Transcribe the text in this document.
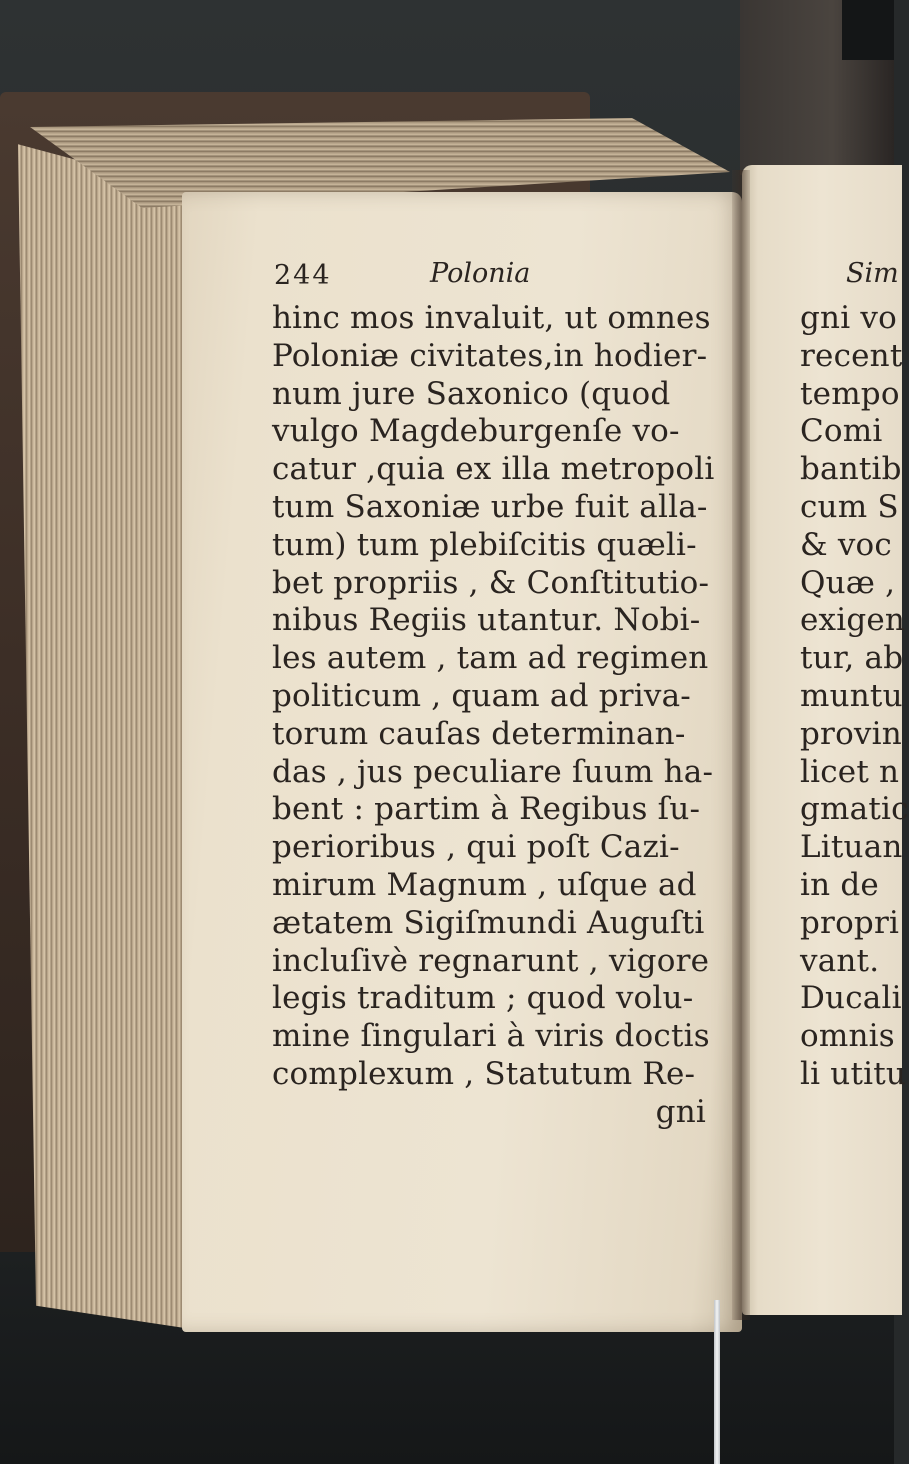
244	Polonia
hinc mos invaluit, ut omnes
Poloniæ civitates,in hodier-
num jure Saxonico (quod
vulgo Magdeburgenſe vo-
catur ,quia ex illa metropoli
tum Saxoniæ urbe fuit alla-
tum) tum plebiſcitis quæli-
bet propriis , & Conſtitutio-
nibus Regiis utantur. Nobi-
les autem , tam ad regimen
politicum , quam ad priva-
torum cauſas determinan-
das , jus peculiare ſuum ha-
bent : partim à Regibus ſu-
perioribus , qui poſt Cazi-
mirum Magnum , uſque ad
ætatem Sigiſmundi Auguſti
incluſivè regnarunt , vigore
legis traditum ; quod volu-
mine ſingulari à viris doctis
complexum , Statutum Re-
gni
Sim
gni vo
recent
tempo
Comi
bantib
cum S
& voc
Quæ ,
exigen
tur, ab
muntu
provin
licet n
gmatic
Lituan
in de
propri
vant.
Ducali
omnis
li utitu
